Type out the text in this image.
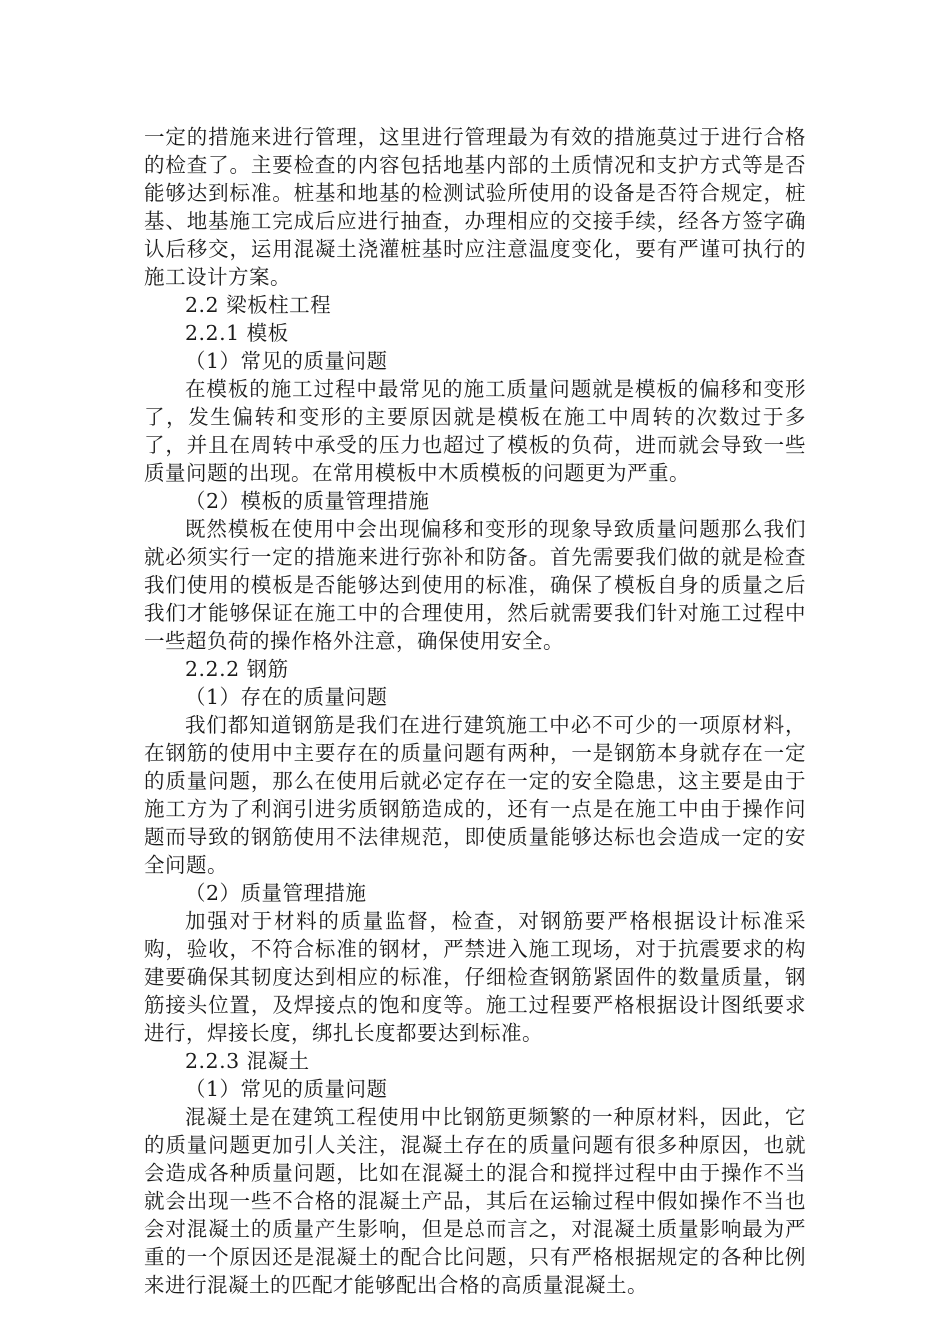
一定的措施来进行管理，这里进行管理最为有效的措施莫过于进行合格的检查了。主要检查的内容包括地基内部的土质情况和支护方式等是否能够达到标准。桩基和地基的检测试验所使用的设备是否符合规定，桩基、地基施工完成后应进行抽查，办理相应的交接手续，经各方签字确认后移交，运用混凝土浇灌桩基时应注意温度变化，要有严谨可执行的施工设计方案。

2.2 梁板柱工程

2.2.1 模板

（1）常见的质量问题

在模板的施工过程中最常见的施工质量问题就是模板的偏移和变形了，发生偏转和变形的主要原因就是模板在施工中周转的次数过于多了，并且在周转中承受的压力也超过了模板的负荷，进而就会导致一些质量问题的出现。在常用模板中木质模板的问题更为严重。

（2）模板的质量管理措施

既然模板在使用中会出现偏移和变形的现象导致质量问题那么我们就必须实行一定的措施来进行弥补和防备。首先需要我们做的就是检查我们使用的模板是否能够达到使用的标准，确保了模板自身的质量之后我们才能够保证在施工中的合理使用，然后就需要我们针对施工过程中一些超负荷的操作格外注意，确保使用安全。

2.2.2 钢筋

（1）存在的质量问题

我们都知道钢筋是我们在进行建筑施工中必不可少的一项原材料，在钢筋的使用中主要存在的质量问题有两种，一是钢筋本身就存在一定的质量问题，那么在使用后就必定存在一定的安全隐患，这主要是由于施工方为了利润引进劣质钢筋造成的，还有一点是在施工中由于操作问题而导致的钢筋使用不法律规范，即使质量能够达标也会造成一定的安全问题。

（2）质量管理措施

加强对于材料的质量监督，检查，对钢筋要严格根据设计标准采购，验收，不符合标准的钢材，严禁进入施工现场，对于抗震要求的构建要确保其韧度达到相应的标准，仔细检查钢筋紧固件的数量质量，钢筋接头位置，及焊接点的饱和度等。施工过程要严格根据设计图纸要求进行，焊接长度，绑扎长度都要达到标准。

2.2.3 混凝土

（1）常见的质量问题

混凝土是在建筑工程使用中比钢筋更频繁的一种原材料，因此，它的质量问题更加引人关注，混凝土存在的质量问题有很多种原因，也就会造成各种质量问题，比如在混凝土的混合和搅拌过程中由于操作不当就会出现一些不合格的混凝土产品，其后在运输过程中假如操作不当也会对混凝土的质量产生影响，但是总而言之，对混凝土质量影响最为严重的一个原因还是混凝土的配合比问题，只有严格根据规定的各种比例来进行混凝土的匹配才能够配出合格的高质量混凝土。
